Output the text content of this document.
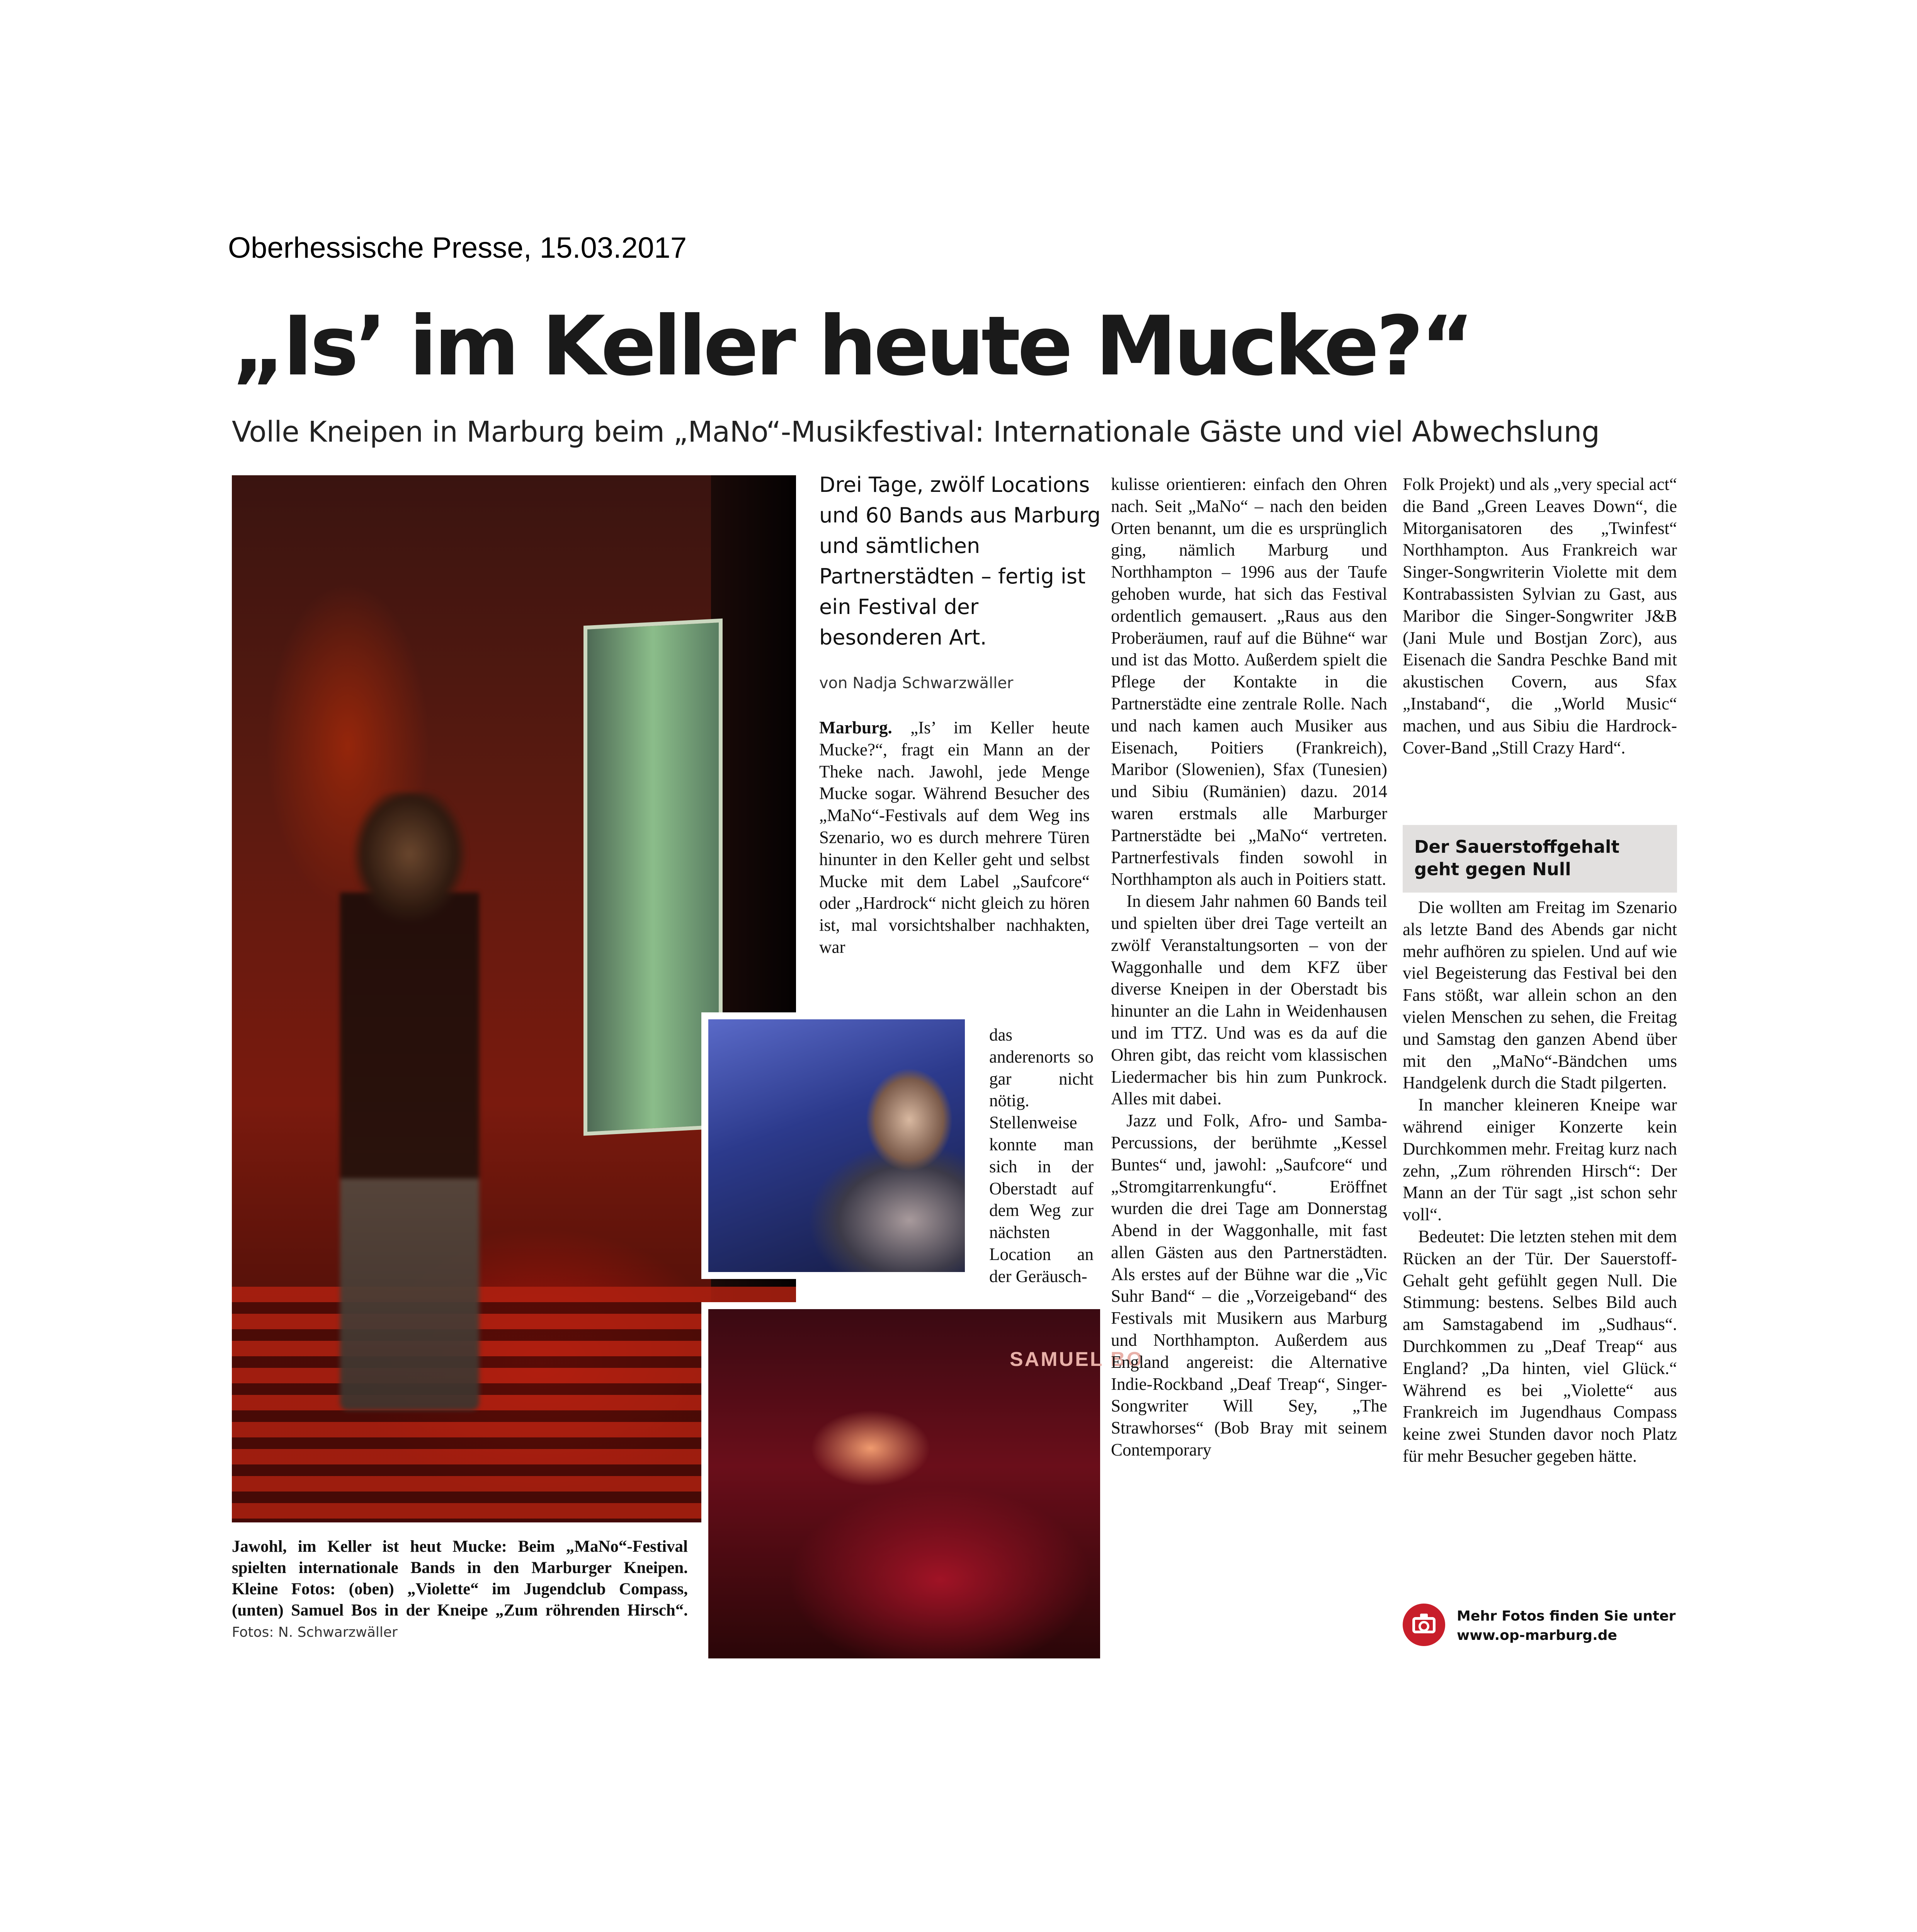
Oberhessische Presse, 15.03.2017
„Is’ im Keller heute Mucke?“
Volle Kneipen in Marburg beim „MaNo“-Musikfestival: Internationale Gäste und viel Abwechslung
SAMUEL BO
Drei Tage, zwölf Locations und 60 Bands aus Marburg und sämtlichen Partnerstädten – fertig ist ein Festival der besonderen Art.
von Nadja Schwarzwäller

Marburg. „Is’ im Keller heute Mucke?“, fragt ein Mann an der Theke nach. Jawohl, jede Menge Mucke sogar. Während Besucher des „MaNo“-Festivals auf dem Weg ins Szenario, wo es durch mehrere Türen hinunter in den Keller geht und selbst Mucke mit dem Label „Saufcore“ oder „Hardrock“ nicht gleich zu hören ist, mal vorsichtshalber nachhakten, war

das anderenorts so gar nicht nötig. Stellenweise konnte man sich in der Oberstadt auf dem Weg zur nächsten Location an der Geräusch-

kulisse orientieren: einfach den Ohren nach. Seit „MaNo“ – nach den beiden Orten benannt, um die es ursprünglich ging, nämlich Marburg und Northhampton – 1996 aus der Taufe gehoben wurde, hat sich das Festival ordentlich gemausert. „Raus aus den Proberäumen, rauf auf die Bühne“ war und ist das Motto. Außerdem spielt die Pflege der Kontakte in die Partnerstädte eine zentrale Rolle. Nach und nach kamen auch Musiker aus Eisenach, Poitiers (Frankreich), Maribor (Slowenien), Sfax (Tunesien) und Sibiu (Rumänien) dazu. 2014 waren erstmals alle Marburger Partnerstädte bei „MaNo“ vertreten. Partnerfestivals finden sowohl in Northhampton als auch in Poitiers statt.

In diesem Jahr nahmen 60 Bands teil und spielten über drei Tage verteilt an zwölf Veranstaltungsorten – von der Waggonhalle und dem KFZ über diverse Kneipen in der Oberstadt bis hinunter an die Lahn in Weidenhausen und im TTZ. Und was es da auf die Ohren gibt, das reicht vom klassischen Liedermacher bis hin zum Punkrock. Alles mit dabei.

Jazz und Folk, Afro- und Samba-Percussions, der berühmte „Kessel Buntes“ und, jawohl: „Saufcore“ und „Stromgitarrenkungfu“. Eröffnet wurden die drei Tage am Donnerstag Abend in der Waggonhalle, mit fast allen Gästen aus den Partnerstädten. Als erstes auf der Bühne war die „Vic Suhr Band“ – die „Vorzeigeband“ des Festivals mit Musikern aus Marburg und Northhampton. Außerdem aus England angereist: die Alternative Indie-Rockband „Deaf Treap“, Singer-Songwriter Will Sey, „The Strawhorses“ (Bob Bray mit seinem Contemporary

Folk Projekt) und als „very special act“ die Band „Green Leaves Down“, die Mitorganisatoren des „Twinfest“ Northhampton. Aus Frankreich war Singer-Songwriterin Violette mit dem Kontrabassisten Sylvian zu Gast, aus Maribor die Singer-Songwriter J&B (Jani Mule und Bostjan Zorc), aus Eisenach die Sandra Peschke Band mit akustischen Covern, aus Sfax „Instaband“, die „World Music“ machen, und aus Sibiu die Hardrock-Cover-Band „Still Crazy Hard“.

Der Sauerstoffgehalt geht gegen Null

Die wollten am Freitag im Szenario als letzte Band des Abends gar nicht mehr aufhören zu spielen. Und auf wie viel Begeisterung das Festival bei den Fans stößt, war allein schon an den vielen Menschen zu sehen, die Freitag und Samstag den ganzen Abend über mit den „MaNo“-Bändchen ums Handgelenk durch die Stadt pilgerten.

In mancher kleineren Kneipe war während einiger Konzerte kein Durchkommen mehr. Freitag kurz nach zehn, „Zum röhrenden Hirsch“: Der Mann an der Tür sagt „ist schon sehr voll“.

Bedeutet: Die letzten stehen mit dem Rücken an der Tür. Der Sauerstoff-Gehalt geht gefühlt gegen Null. Die Stimmung: bestens. Selbes Bild auch am Samstagabend im „Sudhaus“. Durchkommen zu „Deaf Treap“ aus England? „Da hinten, viel Glück.“ Während es bei „Violette“ aus Frankreich im Jugendhaus Compass keine zwei Stunden davor noch Platz für mehr Besucher gegeben hätte.

Jawohl, im Keller ist heut Mucke: Beim „MaNo“-Festival spielten internationale Bands in den Marburger Kneipen. Kleine Fotos: (oben) „Violette“ im Jugendclub Compass, (unten) Samuel Bos in der Kneipe „Zum röhrenden Hirsch“. Fotos: N. Schwarzwäller
Mehr Fotos finden Sie unter
www.op-marburg.de
